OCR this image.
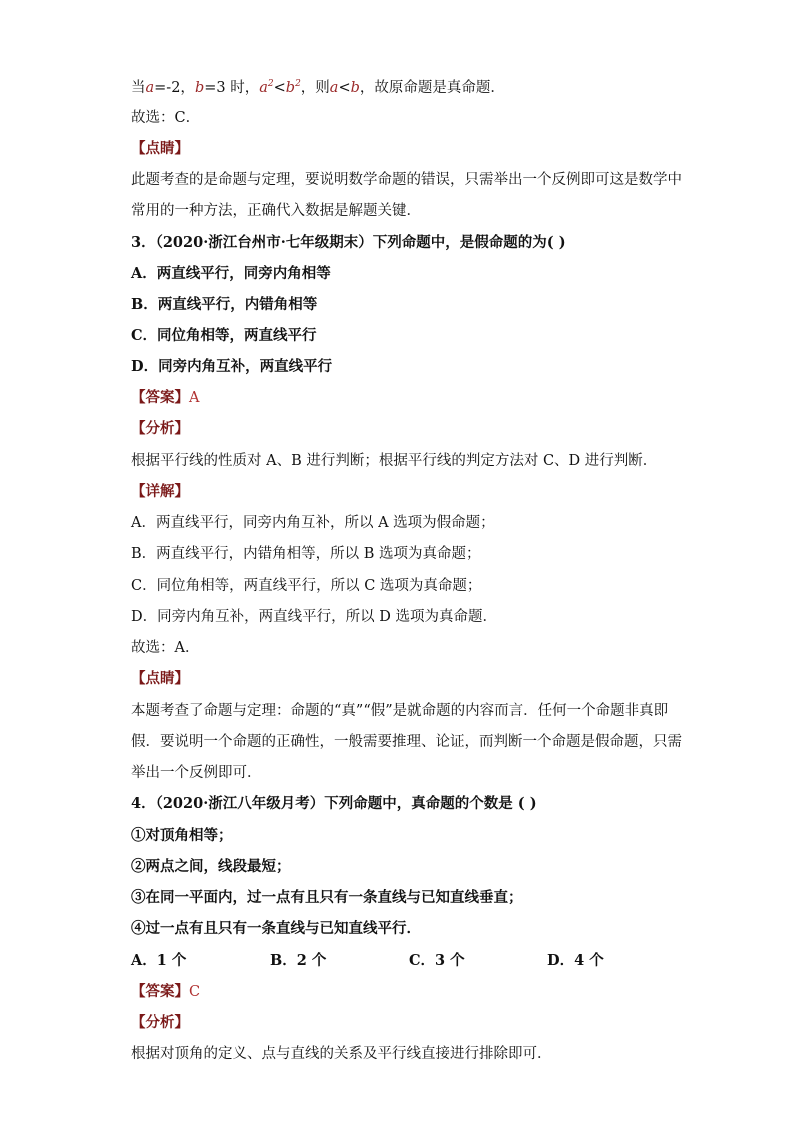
当a=-2，b=3 时，$a^2<b^2$，则a<b，故原命题是真命题．
故选：C．
【点睛】
此题考查的是命题与定理，要说明数学命题的错误，只需举出一个反例即可这是数学中
常用的一种方法，正确代入数据是解题关键．
3．（2020·浙江台州市·七年级期末）下列命题中，是假命题的为( )
A．两直线平行，同旁内角相等
B．两直线平行，内错角相等
C．同位角相等，两直线平行
D．同旁内角互补，两直线平行
【答案】A
【分析】
根据平行线的性质对 A、B 进行判断；根据平行线的判定方法对 C、D 进行判断．
【详解】
A．两直线平行，同旁内角互补，所以 A 选项为假命题；
B．两直线平行，内错角相等，所以 B 选项为真命题；
C．同位角相等，两直线平行，所以 C 选项为真命题；
D．同旁内角互补，两直线平行，所以 D 选项为真命题．
故选：A．
【点睛】
本题考查了命题与定理：命题的“真”“假”是就命题的内容而言．任何一个命题非真即
假．要说明一个命题的正确性，一般需要推理、论证，而判断一个命题是假命题，只需
举出一个反例即可．
4．（2020·浙江八年级月考）下列命题中，真命题的个数是 ( )
①对顶角相等；
②两点之间，线段最短；
③在同一平面内，过一点有且只有一条直线与已知直线垂直；
④过一点有且只有一条直线与已知直线平行．
A．1 个	B．2 个	C．3 个	D．4 个
【答案】C
【分析】
根据对顶角的定义、点与直线的关系及平行线直接进行排除即可．
